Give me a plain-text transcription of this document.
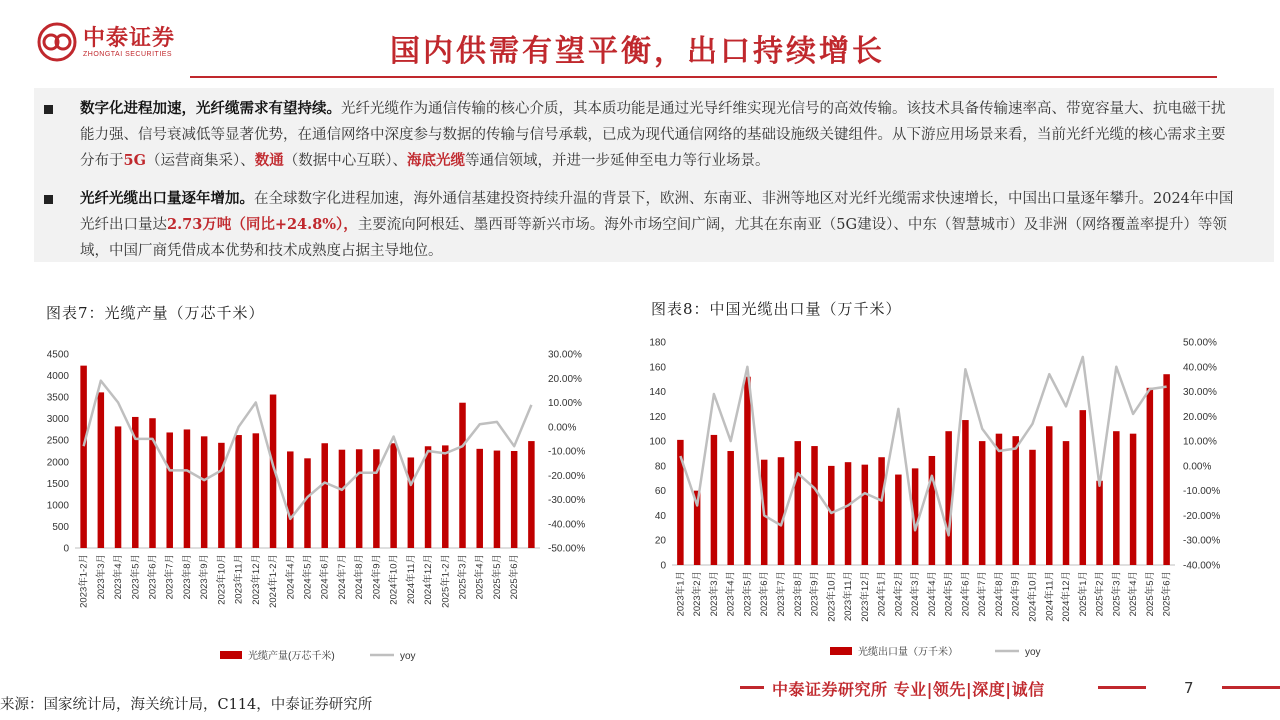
中泰证券
ZHONGTAI SECURITIES	国内供需有望平衡，出口持续增长
数字化进程加速，光纤缆需求有望持续。光纤光缆作为通信传输的核心介质，其本质功能是通过光导纤维实现光信号的高效传输。该技术具备传输速率高、带宽容量大、抗电磁干扰能力强、信号衰减低等显著优势，在通信网络中深度参与数据的传输与信号承载，已成为现代通信网络的基础设施级关键组件。从下游应用场景来看，当前光纤光缆的核心需求主要分布于5G（运营商集采）、数通（数据中心互联）、海底光缆等通信领域，并进一步延伸至电力等行业场景。
光纤光缆出口量逐年增加。在全球数字化进程加速，海外通信基建投资持续升温的背景下，欧洲、东南亚、非洲等地区对光纤光缆需求快速增长，中国出口量逐年攀升。2024年中国光纤出口量达2.73万吨（同比+24.8%），主要流向阿根廷、墨西哥等新兴市场。海外市场空间广阔，尤其在东南亚（5G建设）、中东（智慧城市）及非洲（网络覆盖率提升）等领域，中国厂商凭借成本优势和技术成熟度占据主导地位。
图表7：光缆产量（万芯千米）	图表8：中国光缆出口量（万千米）
0
500
1000
1500
2000
2500
3000
3500
4000
4500
-50.00%
-40.00%
-30.00%
-20.00%
-10.00%
0.00%
10.00%
20.00%
30.00%
2023年1-2月 2023年3月 2023年4月 2023年5月 2023年6月 2023年7月 2023年8月 2023年9月 2023年10月 2023年11月 2023年12月 2024年1-2月 2024年4月 2024年5月 2024年6月 2024年7月 2024年8月 2024年9月 2024年10月 2024年11月 2024年12月 2025年1-2月 2025年3月 2025年4月 2025年5月 2025年6月
光缆产量(万芯千米)	yoy
0
20
40
60
80
100
120
140
160
180
-40.00%
-30.00%
-20.00%
-10.00%
0.00%
10.00%
20.00%
30.00%
40.00%
50.00%
2023年1月 2023年2月 2023年3月 2023年4月 2023年5月 2023年6月 2023年7月 2023年8月 2023年9月 2023年10月 2023年11月 2023年12月 2024年1月 2024年2月 2024年3月 2024年4月 2024年5月 2024年6月 2024年7月 2024年8月 2024年9月 2024年10月 2024年11月 2024年12月 2025年1月 2025年2月 2025年3月 2025年4月 2025年5月 2025年6月
光缆出口量（万千米）	yoy
中泰证券研究所 专业|领先|深度|诚信	7
来源：国家统计局，海关统计局，C114，中泰证券研究所
